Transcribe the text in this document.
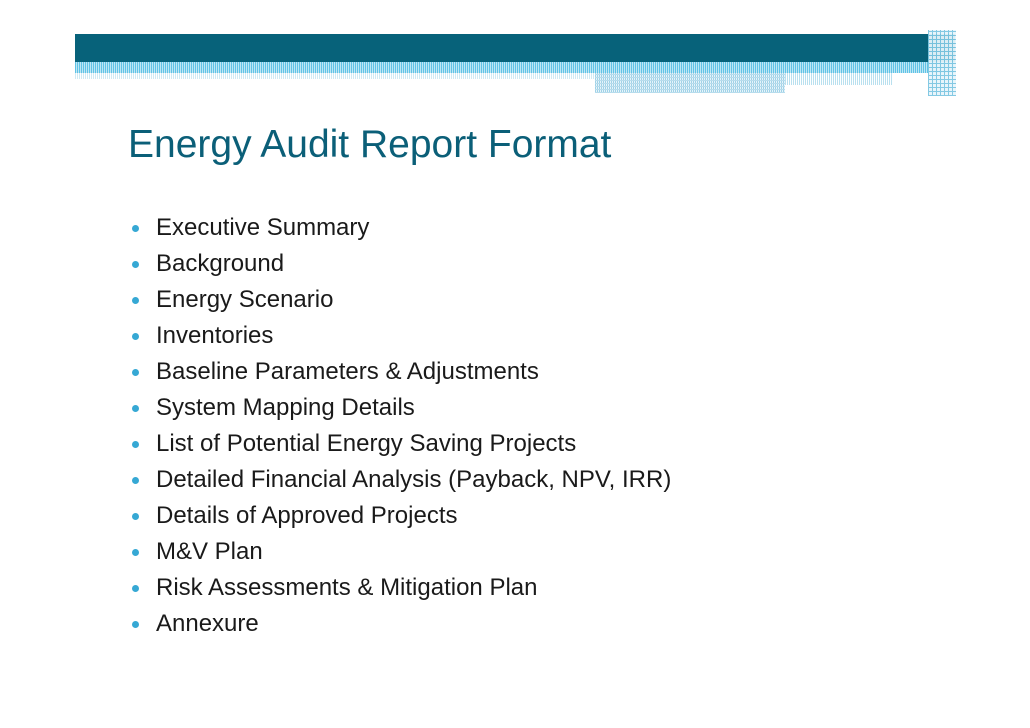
Energy Audit Report Format
Executive Summary
Background
Energy Scenario
Inventories
Baseline Parameters & Adjustments
System Mapping Details
List of Potential Energy Saving Projects
Detailed Financial Analysis (Payback, NPV, IRR)
Details of Approved Projects
M&V Plan
Risk Assessments & Mitigation Plan
Annexure
